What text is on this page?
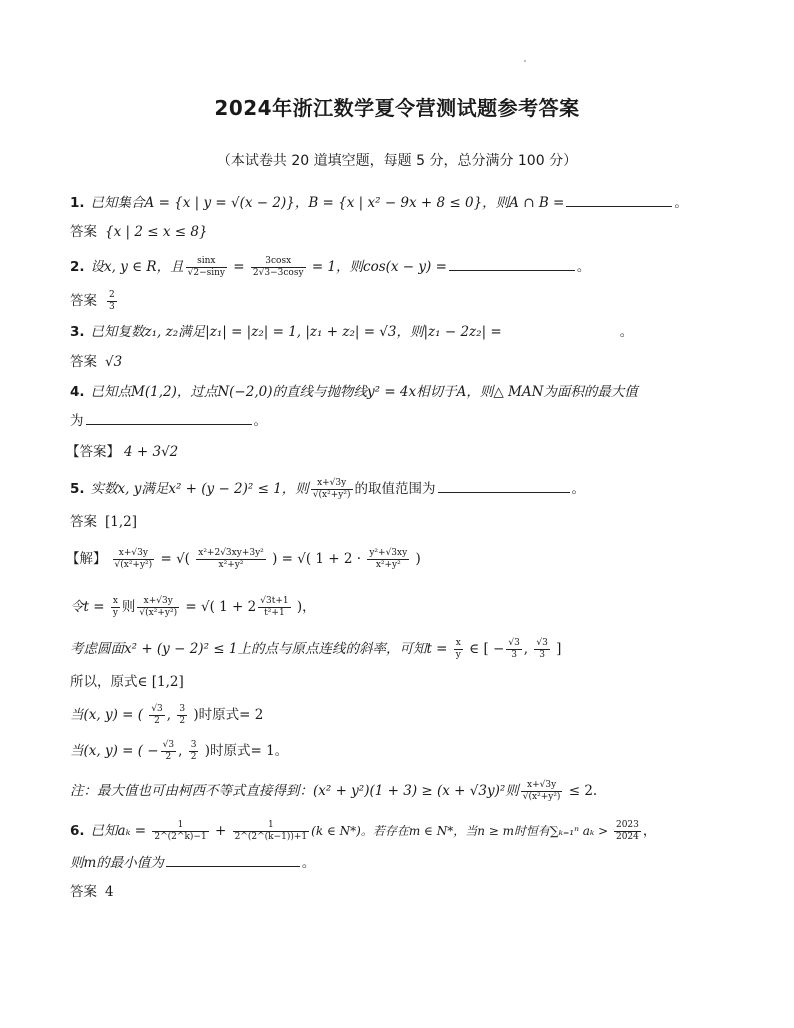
2024年浙江数学夏令营测试题参考答案
（本试卷共 20 道填空题，每题 5 分，总分满分 100 分）
1. 已知集合A = {x | y = √(x − 2)}，B = {x | x² − 9x + 8 ≤ 0}，则A ∩ B =	。
答案 {x | 2 ≤ x ≤ 8}
2. 设x, y ∈ R，且 $\frac{\sin x}{√2-\sin y} = \frac{3\cos x}{2√3-3\cos y} = 1$，则cos(x − y) =	。
答案 $\frac{2}{3}$
3. 已知复数z₁, z₂满足|z₁| = |z₂| = 1, |z₁ + z₂| = √3，则|z₁ − 2z₂| =	。
答案 √3
4. 已知点M(1,2)，过点N(−2,0)的直线与抛物线y² = 4x相切于A，则△ MAN为面积的最大值
为	。
【答案】 4 + 3√2
5. 实数x, y满足x² + (y − 2)² ≤ 1，则 $\frac{x+√3y}{\text{√(x²+y²)}}$ 的取值范围为	。
答案 [1,2]
【解】 $\frac{x+√3y}{\text{√(x²+y²)}}$ = √( $\frac{\text{x²+2√3xy+3y²}}{\text{x²+y²}}$ ) = √( $1 + 2 \cdot \frac{\text{y²+√3xy}}{\text{x²+y²}}$ )
令$t = \frac{x}{y}$ 则 $\frac{x+√3y}{\text{√(x²+y²)}}$ = √( $1 + 2 \frac{√3t+1}{\text{t²+1}}$ )，
考虑圆面x² + (y − 2)² ≤ 1上的点与原点连线的斜率，可知$t = \frac{x}{y}$ ∈ [ − $\frac{√3}{3}$ , $\frac{√3}{3}$ ]
所以，原式∈ [1,2]
当(x, y) = ( $\frac{√3}{2}$ , $\frac{3}{2}$ )时原式= 2
当(x, y) = ( − $\frac{√3}{2}$ , $\frac{3}{2}$ )时原式= 1。
注：最大值也可由柯西不等式直接得到：(x² + y²)(1 + 3) ≥ (x + √3y)²则 $\frac{x+√3y}{\text{√(x²+y²)}} \le 2$.
6. 已知$a_k = \frac{1}{2\^{}(2\^{}k)-1} + \frac{1}{2\^{}(2\^{}(k-1))+1} (k$ ∈ N*)。若存在m ∈ N*，当n ≥ m时恒有∑ₖ₌₁ⁿ $a_k > \frac{2023}{2024}$ ，
则m的最小值为	。
答案 4
